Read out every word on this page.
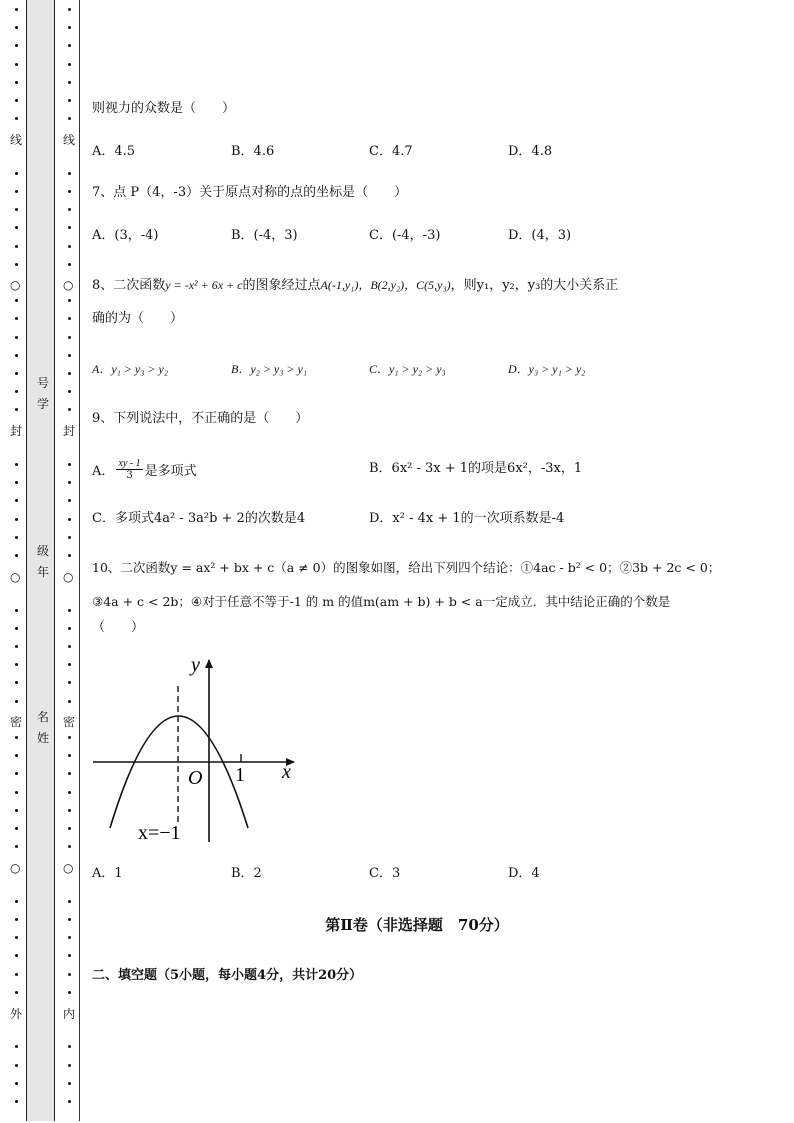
线
○
封
○
密
○
外
线
○
封
○
密
○
内
号
学
级
年
名
姓
则视力的众数是（　　）
A．4.5	B．4.6	C．4.7	D．4.8
7、点 P（4，-3）关于原点对称的点的坐标是（　　）
A．(3，-4)	B．(-4，3)	C．(-4，-3)	D．(4，3)
8、二次函数y = -x² + 6x + c的图象经过点A(-1,y₁)，B(2,y₂)，C(5,y₃)，则y₁，y₂，y₃的大小关系正
确的为（　　）
A．y₁ > y₃ > y₂	B．y₂ > y₃ > y₁	C．y₁ > y₂ > y₃	D．y₃ > y₁ > y₂
9、下列说法中，不正确的是（　　）
A． $\frac{xy - 1}{3}$ 是多项式	B．6x² - 3x + 1的项是6x²，-3x，1
C．多项式4a² - 3a²b + 2的次数是4	D．x² - 4x + 1的一次项系数是-4
10、二次函数y = ax² + bx + c（a ≠ 0）的图象如图，给出下列四个结论：①4ac - b² < 0；②3b + 2c < 0；
③4a + c < 2b；④对于任意不等于-1 的 m 的值m(am + b) + b < a一定成立．其中结论正确的个数是
（　　）
y
x
O 1
x=−1
A．1	B．2	C．3	D．4
第Ⅱ卷（非选择题　70分）
二、填空题（5小题，每小题4分，共计20分）
